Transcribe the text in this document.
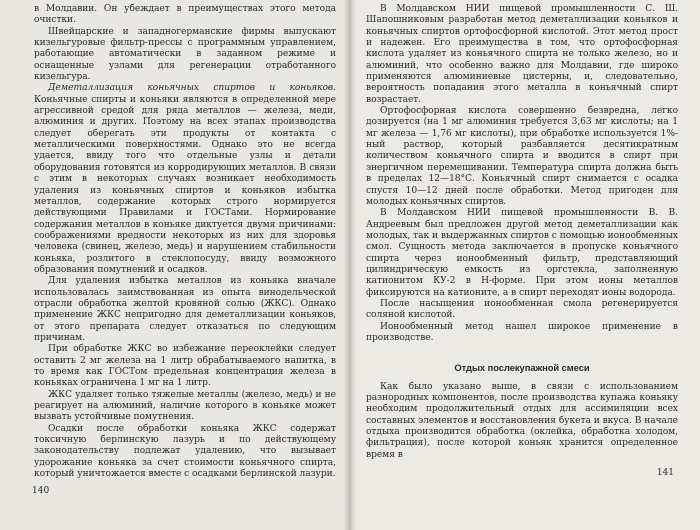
в Молдавии. Он убеждает в преимуществах этого метода очистки.

Швейцарские и западногерманские фирмы выпускают кизельгуровые фильтр-прессы с программным управлением, работающие автоматически в заданном режиме и оснащенные узлами для регенерации отработанного кизельгура.

Деметаллизация коньячных спиртов и коньяков. Коньячные спирты и коньяки являются в определенной мере агрессивной средой для ряда металлов — железа, меди, алюминия и других. Поэтому на всех этапах производства следует оберегать эти продукты от контакта с металлическими поверхностями. Однако это не всегда удается, ввиду того что отдельные узлы и детали оборудования готовятся из корродирующих металлов. В связи с этим в некоторых случаях возникает необходимость удаления из коньячных спиртов и коньяков избытка металлов, содержание которых строго нормируется действующими Правилами и ГОСТами. Нормирование содержания металлов в коньяке диктуется двумя причинами: соображениями вредности некоторых из них для здоровья человека (свинец, железо, медь) и нарушением стабильности коньяка, розлитого в стеклопосуду, ввиду возможного образования помутнений и осадков.

Для удаления избытка металлов из коньяка вначале использовалась заимствованная из опыта винодельческой отрасли обработка желтой кровяной солью (ЖКС). Однако применение ЖКС непригодно для деметаллизации коньяков, от этого препарата следует отказаться по следующим причинам.

При обработке ЖКС во избежание переоклейки следует оставить 2 мг железа на 1 литр обрабатываемого напитка, в то время как ГОСТом предельная концентрация железа в коньяках ограничена 1 мг на 1 литр.

ЖКС удаляет только тяжелые металлы (железо, медь) и не реагирует на алюминий, наличие которого в коньяке может вызвать устойчивые помутнения.

Осадки после обработки коньяка ЖКС содержат токсичную берлинскую лазурь и по действующему законодательству подлежат удалению, что вызывает удорожание коньяка за счет стоимости коньячного спирта, который уничтожается вместе с осадками берлинской лазури.

140

В Молдавском НИИ пищевой промышленности С. Ш. Шапошниковым разработан метод деметаллизации коньяков и коньячных спиртов ортофосфорной кислотой. Этот метод прост и надежен. Его преимущества в том, что ортофосфорная кислота удаляет из коньячного спирта не только железо, но и алюминий, что особенно важно для Молдавии, где широко применяются алюминиевые цистерны, и, следовательно, вероятность попадания этого металла в коньячный спирт возрастает.

Ортофосфорная кислота совершенно безвредна, легко дозируется (на 1 мг алюминия требуется 3,63 мг кислоты; на 1 мг железа — 1,76 мг кислоты), при обработке используется 1%-ный раствор, который разбавляется десятикратным количеством коньячного спирта и вводится в спирт при энергичном перемешивании. Температура спирта должна быть в пределах 12—18°С. Коньячный спирт снимается с осадка спустя 10—12 дней после обработки. Метод пригоден для молодых коньячных спиртов.

В Молдавском НИИ пищевой промышленности В. В. Андреевым был предложен другой метод деметаллизации как молодых, так и выдержанных спиртов с помощью ионообменных смол. Сущность метода заключается в пропуске коньячного спирта через ионообменный фильтр, представляющий цилиндрическую емкость из оргстекла, заполненную катионитом КУ-2 в Н-форме. При этом ионы металлов фиксируются на катионите, а в спирт переходят ионы водорода.

После насыщения ионообменная смола регенерируется соляной кислотой.

Ионообменный метод нашел широкое применение в производстве.

Отдых послекупажной смеси

Как было указано выше, в связи с использованием разнородных компонентов, после производства купажа коньяку необходим продолжительный отдых для ассимиляции всех составных элементов и восстановления букета и вкуса. В начале отдыха производится обработка (оклейка, обработка холодом, фильтрация), после которой коньяк хранится определенное время в

141
